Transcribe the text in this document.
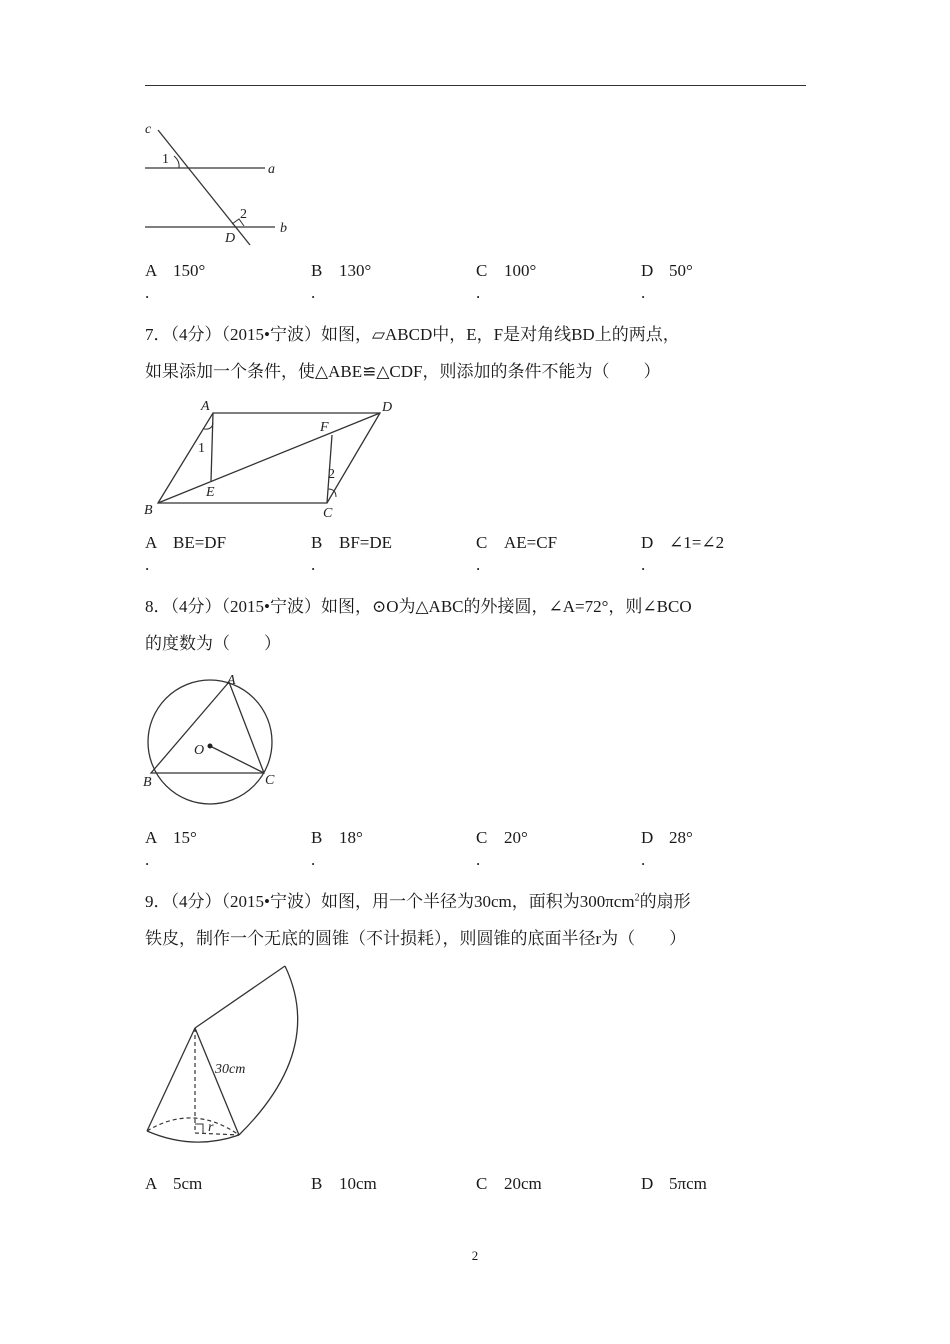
c
1
a
2
D
b
A 150°
.
B 130°
.
C 100°
.
D 50°
.

7．（4分）（2015•宁波）如图，▱ABCD中，E，F是对角线BD上的两点，

如果添加一个条件，使△ABE≌△CDF，则添加的条件不能为（　　）

A	D
F
1
2
E
B	C
A BE=DF
.
B BF=DE
.
C AE=CF
.
D ∠1=∠2
.

8．（4分）（2015•宁波）如图，⊙O为△ABC的外接圆，∠A=72°，则∠BCO

的度数为（　　）

A
O
B	C
A 15°
.
B 18°
.
C 20°
.
D 28°
.

9．（4分）（2015•宁波）如图，用一个半径为30cm，面积为300πcm$^2$的扇形

铁皮，制作一个无底的圆锥（不计损耗），则圆锥的底面半径r为（　　）

30cm
r
A 5cm	B 10cm	C 20cm	D 5πcm
2
